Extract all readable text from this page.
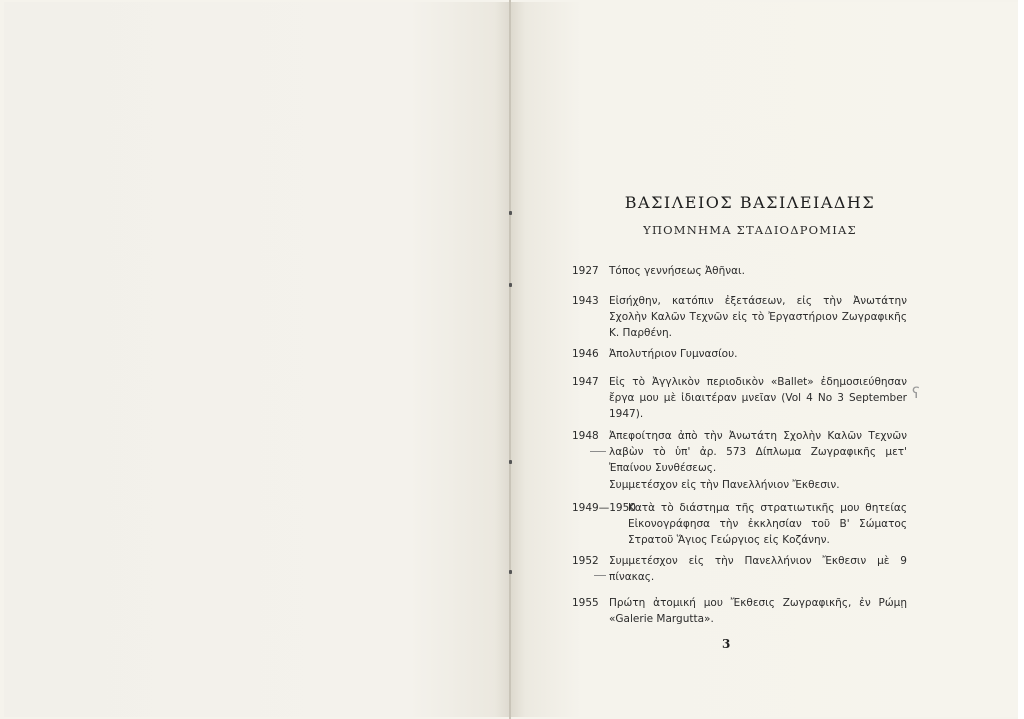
ΒΑΣΙΛΕΙΟΣ ΒΑΣΙΛΕΙΑΔΗΣ
ΥΠΟΜΝΗΜΑ ΣΤΑΔΙΟΔΡΟΜΙΑΣ
1927 Τόπος γεννήσεως Ἀθῆναι.
1943 Εἰσήχθην, κατόπιν ἐξετάσεων, εἰς τὴν Ἀνωτάτην Σχολὴν Καλῶν Τεχνῶν εἰς τὸ Ἐργαστήριον Ζωγραφικῆς Κ. Παρθένη.
1946 Ἀπολυτήριον Γυμνασίου.
1947 Εἰς τὸ Ἀγγλικὸν περιοδικὸν «Ballet» ἐδημοσιεύθησαν ἔργα μου μὲ ἰδιαιτέραν μνεῖαν (Vol 4 No 3 September 1947).
1948 Ἀπεφοίτησα ἀπὸ τὴν Ἀνωτάτη Σχολὴν Καλῶν Τεχνῶν λαβὼν τὸ ὑπ' ἀρ. 573 Δίπλωμα Ζωγραφικῆς μετ' Ἐπαίνου Συνθέσεως.
Συμμετέσχον εἰς τὴν Πανελλήνιον Ἔκθεσιν.
1949—1950
Κατὰ τὸ διάστημα τῆς στρατιωτικῆς μου θητείας Εἰκονογράφησα τὴν ἐκκλησίαν τοῦ Β' Σώματος Στρατοῦ Ἅγιος Γεώργιος εἰς Κοζάνην.
1952 Συμμετέσχον εἰς τὴν Πανελλήνιον Ἔκθεσιν μὲ 9 πίνακας.
1955 Πρώτη ἀτομική μου Ἔκθεσις Ζωγραφικῆς, ἐν Ρώμῃ «Galerie Margutta».
3
ʕ
